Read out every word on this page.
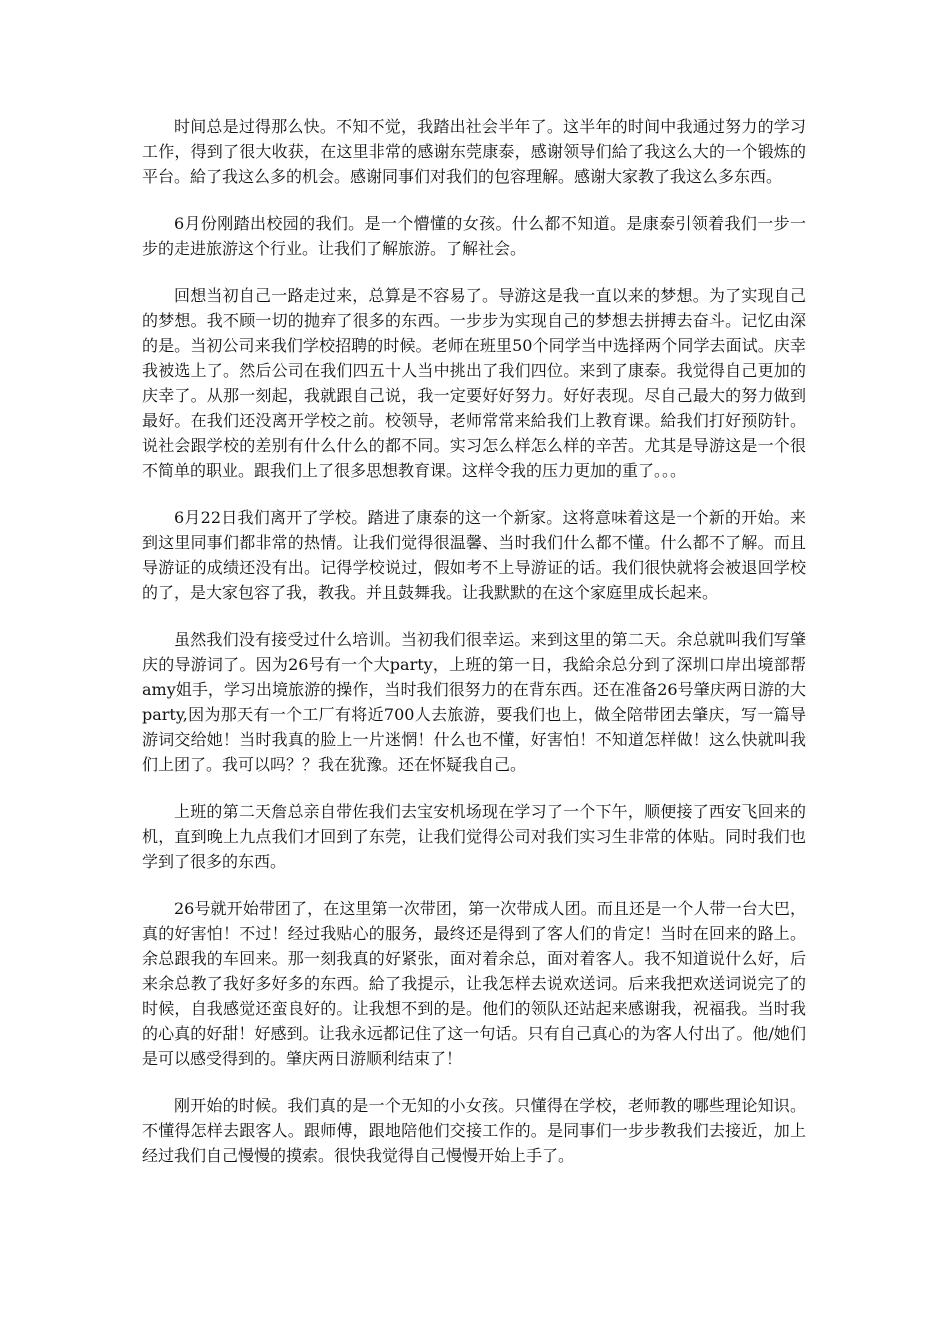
时间总是过得那么快。不知不觉，我踏出社会半年了。这半年的时间中我通过努力的学习工作，得到了很大收获，在这里非常的感谢东莞康泰，感谢领导们給了我这么大的一个锻炼的平台。給了我这么多的机会。感谢同事们对我们的包容理解。感谢大家教了我这么多东西。

6月份刚踏出校园的我们。是一个懵懂的女孩。什么都不知道。是康泰引领着我们一步一步的走进旅游这个行业。让我们了解旅游。了解社会。

回想当初自己一路走过来，总算是不容易了。导游这是我一直以来的梦想。为了实现自己的梦想。我不顾一切的抛弃了很多的东西。一步步为实现自己的梦想去拼搏去奋斗。记忆由深的是。当初公司来我们学校招聘的时候。老师在班里50个同学当中选择两个同学去面试。庆幸我被选上了。然后公司在我们四五十人当中挑出了我们四位。来到了康泰。我觉得自己更加的庆幸了。从那一刻起，我就跟自己说，我一定要好好努力。好好表现。尽自己最大的努力做到最好。在我们还没离开学校之前。校领导，老师常常来給我们上教育课。給我们打好预防针。说社会跟学校的差别有什么什么的都不同。实习怎么样怎么样的辛苦。尤其是导游这是一个很不简单的职业。跟我们上了很多思想教育课。这样令我的压力更加的重了。。。

6月22日我们离开了学校。踏进了康泰的这一个新家。这将意味着这是一个新的开始。来到这里同事们都非常的热情。让我们觉得很温馨、当时我们什么都不懂。什么都不了解。而且导游证的成绩还没有出。记得学校说过，假如考不上导游证的话。我们很快就将会被退回学校的了，是大家包容了我，教我。并且鼓舞我。让我默默的在这个家庭里成长起来。

虽然我们没有接受过什么培训。当初我们很幸运。来到这里的第二天。余总就叫我们写肇庆的导游词了。因为26号有一个大party，上班的第一日，我給余总分到了深圳口岸出境部帮amy姐手，学习出境旅游的操作，当时我们很努力的在背东西。还在准备26号肇庆两日游的大party,因为那天有一个工厂有将近700人去旅游，要我们也上，做全陪带团去肇庆，写一篇导游词交给她！当时我真的脸上一片迷惘！什么也不懂，好害怕！不知道怎样做！这么快就叫我们上团了。我可以吗？？我在犹豫。还在怀疑我自己。

上班的第二天詹总亲自带佐我们去宝安机场现在学习了一个下午，顺便接了西安飞回来的机，直到晚上九点我们才回到了东莞，让我们觉得公司对我们实习生非常的体贴。同时我们也学到了很多的东西。

26号就开始带团了，在这里第一次带团，第一次带成人团。而且还是一个人带一台大巴，真的好害怕！不过！经过我贴心的服务，最终还是得到了客人们的肯定！当时在回来的路上。余总跟我的车回来。那一刻我真的好紧张，面对着余总，面对着客人。我不知道说什么好，后来余总教了我好多好多的东西。給了我提示，让我怎样去说欢送词。后来我把欢送词说完了的时候，自我感觉还蛮良好的。让我想不到的是。他们的领队还站起来感谢我，祝福我。当时我的心真的好甜！好感到。让我永远都记住了这一句话。只有自己真心的为客人付出了。他/她们是可以感受得到的。肇庆两日游顺利结束了！

刚开始的时候。我们真的是一个无知的小女孩。只懂得在学校，老师教的哪些理论知识。不懂得怎样去跟客人。跟师傅，跟地陪他们交接工作的。是同事们一步步教我们去接近，加上经过我们自己慢慢的摸索。很快我觉得自己慢慢开始上手了。
